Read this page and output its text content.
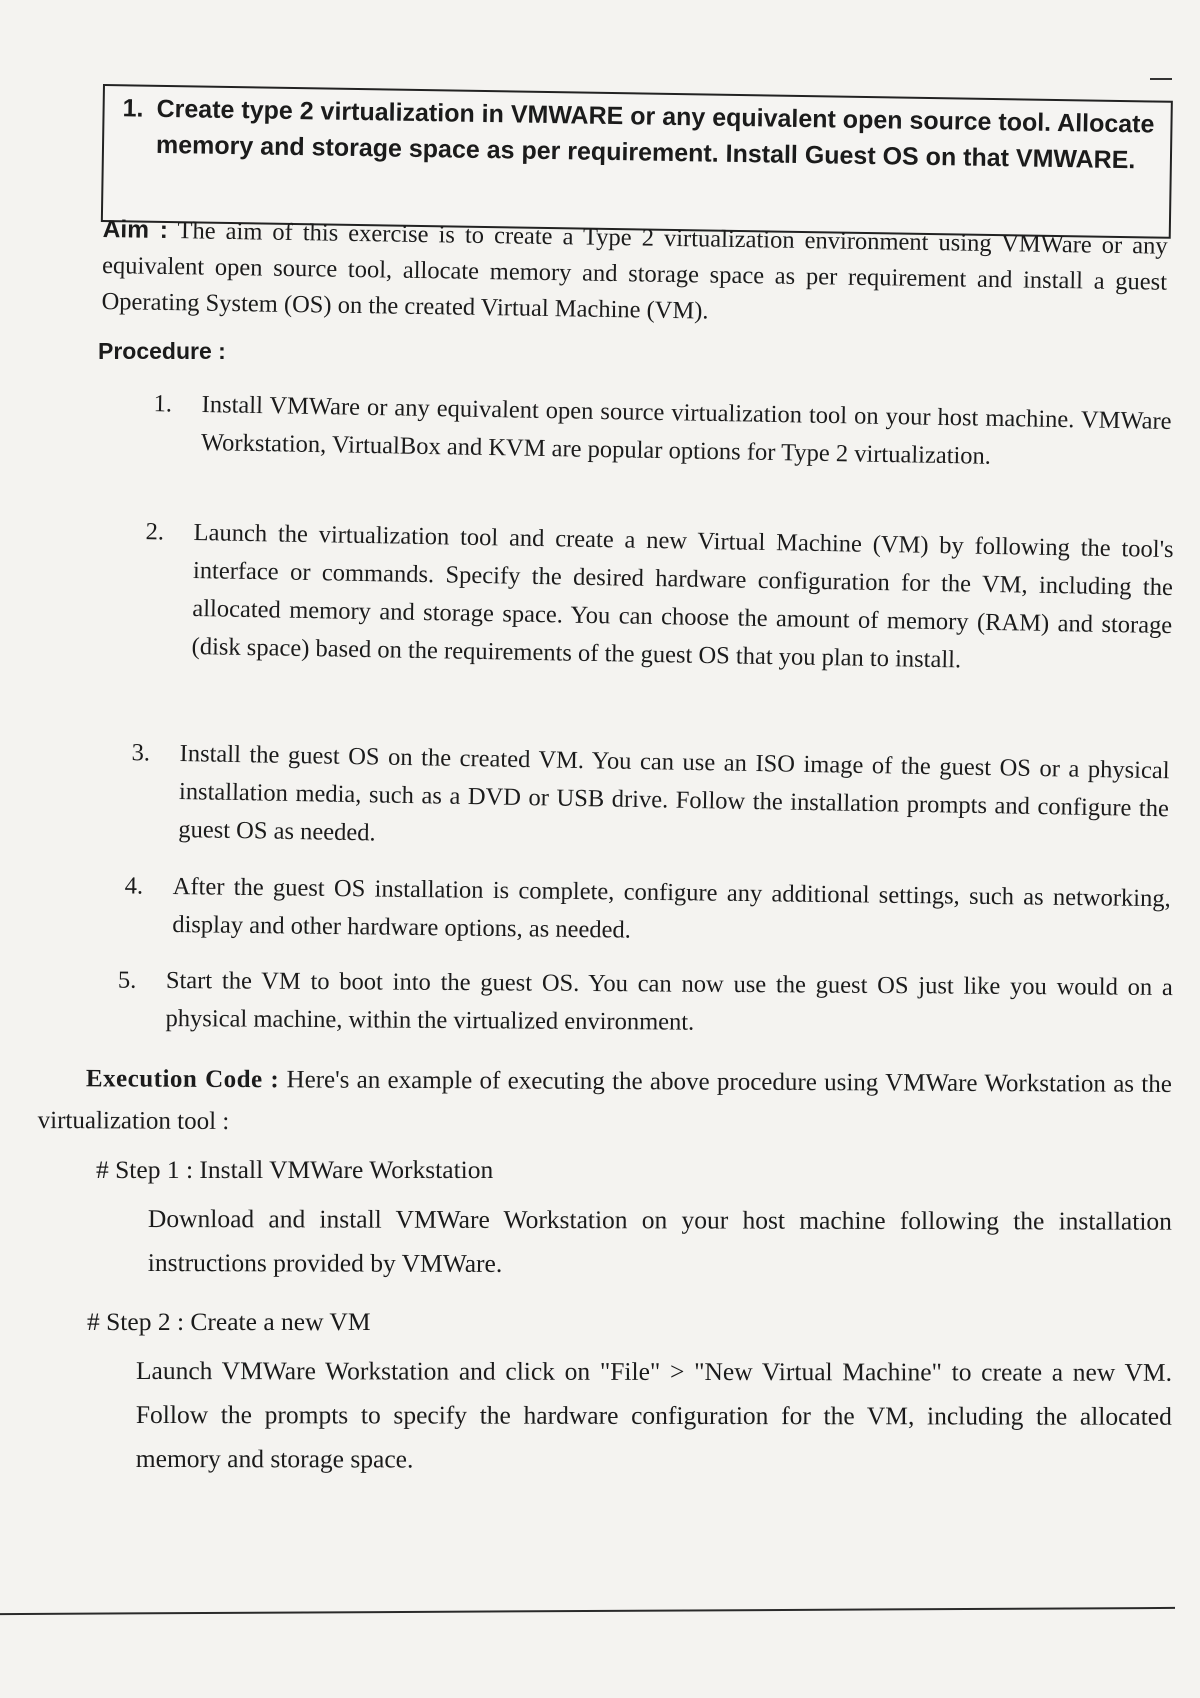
1. Create type 2 virtualization in VMWARE or any equivalent open source tool. Allocate memory and storage space as per requirement. Install Guest OS on that VMWARE.
Aim : The aim of this exercise is to create a Type 2 virtualization environment using VMWare or any equivalent open source tool, allocate memory and storage space as per requirement and install a guest Operating System (OS) on the created Virtual Machine (VM).
Procedure :
1. Install VMWare or any equivalent open source virtualization tool on your host machine. VMWare Workstation, VirtualBox and KVM are popular options for Type 2 virtualization.
2. Launch the virtualization tool and create a new Virtual Machine (VM) by following the tool's interface or commands. Specify the desired hardware configuration for the VM, including the allocated memory and storage space. You can choose the amount of memory (RAM) and storage (disk space) based on the requirements of the guest OS that you plan to install.
3. Install the guest OS on the created VM. You can use an ISO image of the guest OS or a physical installation media, such as a DVD or USB drive. Follow the installation prompts and configure the guest OS as needed.
4. After the guest OS installation is complete, configure any additional settings, such as networking, display and other hardware options, as needed.
5. Start the VM to boot into the guest OS. You can now use the guest OS just like you would on a physical machine, within the virtualized environment.
Execution Code : Here's an example of executing the above procedure using VMWare Workstation as the virtualization tool :
# Step 1 : Install VMWare Workstation
Download and install VMWare Workstation on your host machine following the installation instructions provided by VMWare.
# Step 2 : Create a new VM
Launch VMWare Workstation and click on "File" > "New Virtual Machine" to create a new VM. Follow the prompts to specify the hardware configuration for the VM, including the allocated memory and storage space.
